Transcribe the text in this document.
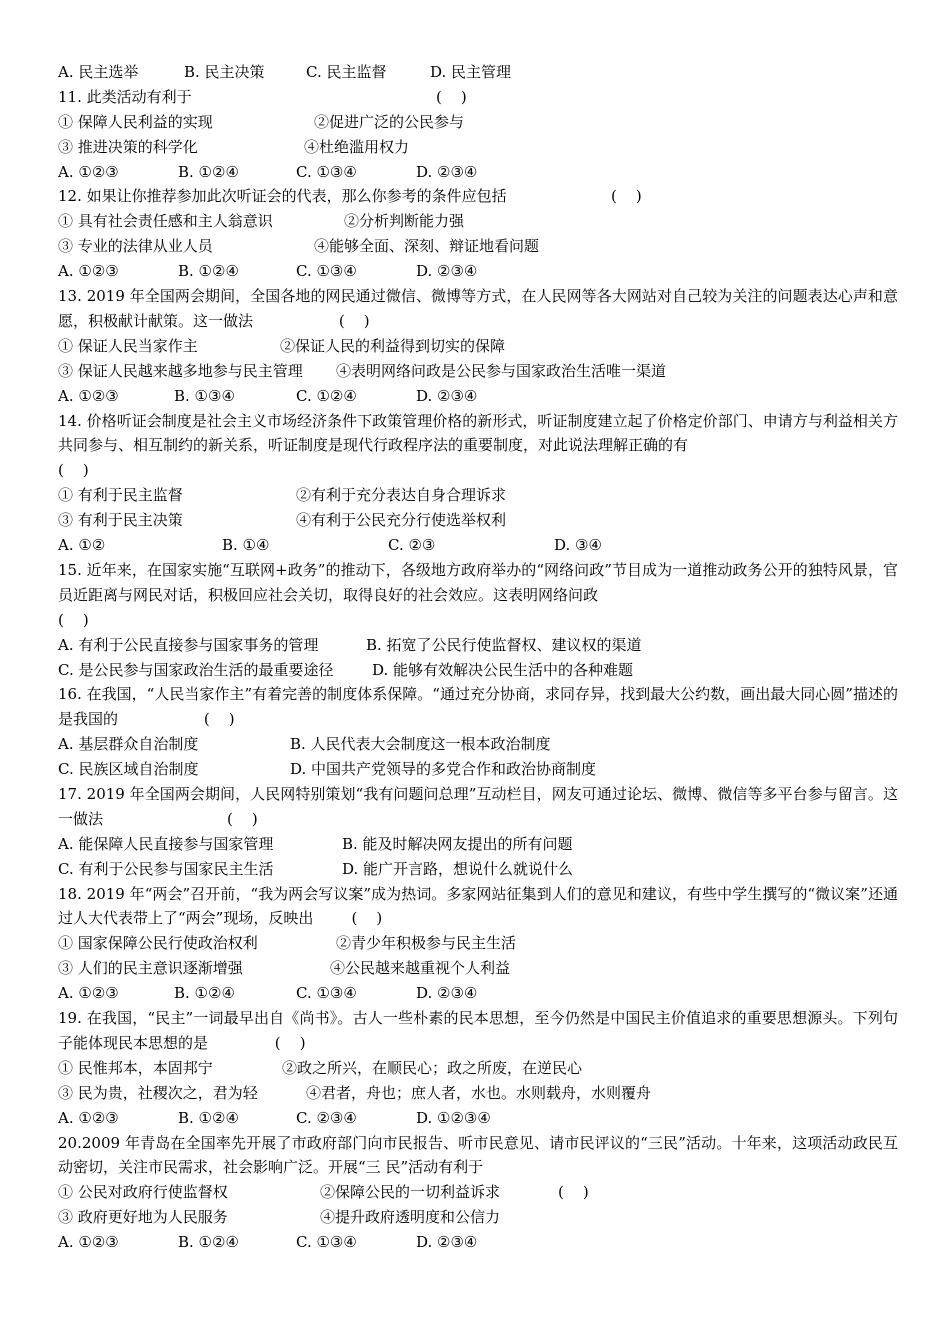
A. 民主选举	B. 民主决策	C. 民主监督	D. 民主管理
11. 此类活动有利于	(    )
① 保障人民利益的实现	②促进广泛的公民参与
③ 推进决策的科学化	④杜绝滥用权力
A. ①②③	B. ①②④	C. ①③④	D. ②③④
12. 如果让你推荐参加此次听证会的代表，那么你参考的条件应包括	(    )
① 具有社会责任感和主人翁意识	②分析判断能力强
③ 专业的法律从业人员	④能够全面、深刻、辩证地看问题
A. ①②③	B. ①②④	C. ①③④	D. ②③④
13. 2019 年全国两会期间，全国各地的网民通过微信、微博等方式，在人民网等各大网站对自己较为关注的问题表达心声和意愿，积极献计献策。这一做法	(    )
① 保证人民当家作主	②保证人民的利益得到切实的保障
③ 保证人民越来越多地参与民主管理 ④表明网络问政是公民参与国家政治生活唯一渠道
A. ①②③	B. ①③④	C. ①②④	D. ②③④
14. 价格听证会制度是社会主义市场经济条件下政策管理价格的新形式，听证制度建立起了价格定价部门、申请方与利益相关方共同参与、相互制约的新关系，听证制度是现代行政程序法的重要制度，对此说法理解正确的有
(    )
① 有利于民主监督	②有利于充分表达自身合理诉求
③ 有利于民主决策	④有利于公民充分行使选举权利
A. ①②	B. ①④	C. ②③	D. ③④
15. 近年来，在国家实施“互联网+政务”的推动下，各级地方政府举办的“网络问政”节目成为一道推动政务公开的独特风景，官员近距离与网民对话，积极回应社会关切，取得良好的社会效应。这表明网络问政
(    )
A. 有利于公民直接参与国家事务的管理	B. 拓宽了公民行使监督权、建议权的渠道
C. 是公民参与国家政治生活的最重要途径	D. 能够有效解决公民生活中的各种难题
16. 在我国，“人民当家作主”有着完善的制度体系保障。“通过充分协商，求同存异，找到最大公约数，画出最大同心圆”描述的是我国的	(    )
A. 基层群众自治制度	B. 人民代表大会制度这一根本政治制度
C. 民族区域自治制度	D. 中国共产党领导的多党合作和政治协商制度
17. 2019 年全国两会期间，人民网特别策划“我有问题问总理”互动栏目，网友可通过论坛、微博、微信等多平台参与留言。这一做法	(    )
A. 能保障人民直接参与国家管理	B. 能及时解决网友提出的所有问题
C. 有利于公民参与国家民主生活	D. 能广开言路，想说什么就说什么
18. 2019 年“两会”召开前，“我为两会写议案”成为热词。多家网站征集到人们的意见和建议，有些中学生撰写的“微议案”还通过人大代表带上了“两会”现场，反映出	(    )
① 国家保障公民行使政治权利	②青少年积极参与民主生活
③ 人们的民主意识逐渐增强	④公民越来越重视个人利益
A. ①②③	B. ①②④	C. ①③④	D. ②③④
19. 在我国，“民主”一词最早出自《尚书》。古人一些朴素的民本思想，至今仍然是中国民主价值追求的重要思想源头。下列句子能体现民本思想的是	(    )
① 民惟邦本，本固邦宁	②政之所兴，在顺民心；政之所废，在逆民心
③ 民为贵，社稷次之，君为轻	④君者，舟也；庶人者，水也。水则载舟，水则覆舟
A. ①②③	B. ①②④	C. ②③④	D. ①②③④
20.2009 年青岛在全国率先开展了市政府部门向市民报告、听市民意见、请市民评议的“三民”活动。十年来，这项活动政民互动密切，关注市民需求，社会影响广泛。开展“三 民”活动有利于
① 公民对政府行使监督权	②保障公民的一切利益诉求	(    )
③ 政府更好地为人民服务	④提升政府透明度和公信力
A. ①②③	B. ①②④	C. ①③④	D. ②③④
